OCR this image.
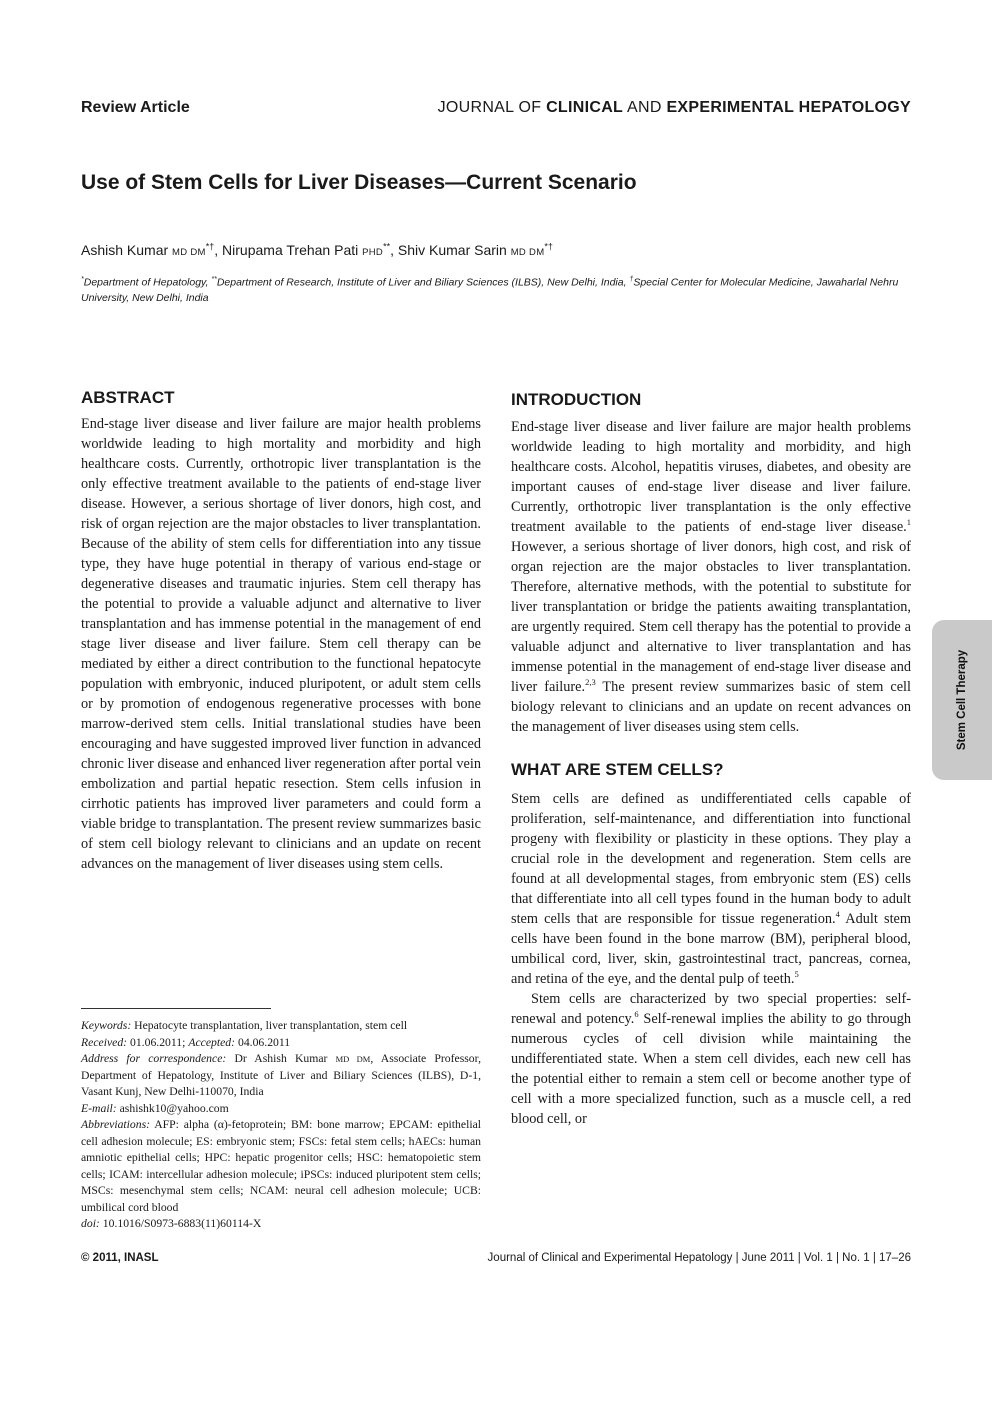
Review Article	JOURNAL OF CLINICAL AND EXPERIMENTAL HEPATOLOGY
Use of Stem Cells for Liver Diseases—Current Scenario
Ashish Kumar MD DM*†, Nirupama Trehan Pati PHD**, Shiv Kumar Sarin MD DM*†
*Department of Hepatology, **Department of Research, Institute of Liver and Biliary Sciences (ILBS), New Delhi, India, †Special Center for Molecular Medicine, Jawaharlal Nehru University, New Delhi, India
ABSTRACT

End-stage liver disease and liver failure are major health problems worldwide leading to high mortality and morbidity and high healthcare costs. Currently, orthotropic liver transplantation is the only effective treatment available to the patients of end-stage liver disease. However, a serious shortage of liver donors, high cost, and risk of organ rejection are the major obstacles to liver transplantation. Because of the ability of stem cells for differentiation into any tissue type, they have huge potential in therapy of various end-stage or degenerative diseases and traumatic injuries. Stem cell therapy has the potential to provide a valuable adjunct and alternative to liver transplantation and has immense potential in the management of end stage liver disease and liver failure. Stem cell therapy can be mediated by either a direct contribution to the functional hepatocyte population with embryonic, induced pluripotent, or adult stem cells or by promotion of endogenous regenerative processes with bone marrow-derived stem cells. Initial translational studies have been encouraging and have suggested improved liver function in advanced chronic liver disease and enhanced liver regeneration after portal vein embolization and partial hepatic resection. Stem cells infusion in cirrhotic patients has improved liver parameters and could form a viable bridge to transplantation. The present review summarizes basic of stem cell biology relevant to clinicians and an update on recent advances on the management of liver diseases using stem cells.

Keywords: Hepatocyte transplantation, liver transplantation, stem cell

Received: 01.06.2011; Accepted: 04.06.2011

Address for correspondence: Dr Ashish Kumar MD DM, Associate Professor, Department of Hepatology, Institute of Liver and Biliary Sciences (ILBS), D-1, Vasant Kunj, New Delhi-110070, India

E-mail: ashishk10@yahoo.com

Abbreviations: AFP: alpha (α)-fetoprotein; BM: bone marrow; EPCAM: epithelial cell adhesion molecule; ES: embryonic stem; FSCs: fetal stem cells; hAECs: human amniotic epithelial cells; HPC: hepatic progenitor cells; HSC: hematopoietic stem cells; ICAM: intercellular adhesion molecule; iPSCs: induced pluripotent stem cells; MSCs: mesenchymal stem cells; NCAM: neural cell adhesion molecule; UCB: umbilical cord blood

doi: 10.1016/S0973-6883(11)60114-X

INTRODUCTION

End-stage liver disease and liver failure are major health problems worldwide leading to high mortality and morbidity, and high healthcare costs. Alcohol, hepatitis viruses, diabetes, and obesity are important causes of end-stage liver disease and liver failure. Currently, orthotropic liver transplantation is the only effective treatment available to the patients of end-stage liver disease.$^1$ However, a serious shortage of liver donors, high cost, and risk of organ rejection are the major obstacles to liver transplantation. Therefore, alternative methods, with the potential to substitute for liver transplantation or bridge the patients awaiting transplantation, are urgently required. Stem cell therapy has the potential to provide a valuable adjunct and alternative to liver transplantation and has immense potential in the management of end-stage liver disease and liver failure.$^{2,3}$ The present review summarizes basic of stem cell biology relevant to clinicians and an update on recent advances on the management of liver diseases using stem cells.

WHAT ARE STEM CELLS?

Stem cells are defined as undifferentiated cells capable of proliferation, self-maintenance, and differentiation into functional progeny with flexibility or plasticity in these options. They play a crucial role in the development and regeneration. Stem cells are found at all developmental stages, from embryonic stem (ES) cells that differentiate into all cell types found in the human body to adult stem cells that are responsible for tissue regeneration.$^4$ Adult stem cells have been found in the bone marrow (BM), peripheral blood, umbilical cord, liver, skin, gastrointestinal tract, pancreas, cornea, and retina of the eye, and the dental pulp of teeth.$^5$

Stem cells are characterized by two special properties: self-renewal and potency.$^6$ Self-renewal implies the ability to go through numerous cycles of cell division while maintaining the undifferentiated state. When a stem cell divides, each new cell has the potential either to remain a stem cell or become another type of cell with a more specialized function, such as a muscle cell, a red blood cell, or

Stem Cell Therapy
© 2011, INASL	Journal of Clinical and Experimental Hepatology | June 2011 | Vol. 1 | No. 1 | 17–26
